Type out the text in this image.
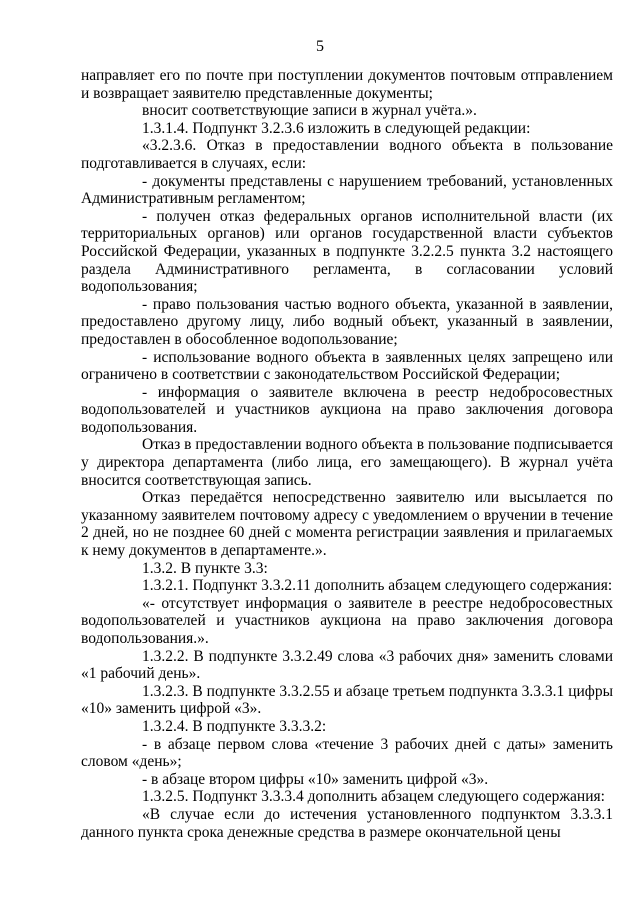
5

направляет его по почте при поступлении документов почтовым отправлением и возвращает заявителю представленные документы;

вносит соответствующие записи в журнал учёта.».

1.3.1.4. Подпункт 3.2.3.6 изложить в следующей редакции:

«3.2.3.6. Отказ в предоставлении водного объекта в пользование подготавливается в случаях, если:

- документы представлены с нарушением требований, установленных Административным регламентом;

- получен отказ федеральных органов исполнительной власти (их территориальных органов) или органов государственной власти субъектов Российской Федерации, указанных в подпункте 3.2.2.5 пункта 3.2 настоящего раздела Административного регламента, в согласовании условий водопользования;

- право пользования частью водного объекта, указанной в заявлении, предоставлено другому лицу, либо водный объект, указанный в заявлении, предоставлен в обособленное водопользование;

- использование водного объекта в заявленных целях запрещено или ограничено в соответствии с законодательством Российской Федерации;

- информация о заявителе включена в реестр недобросовестных водопользователей и участников аукциона на право заключения договора водопользования.

Отказ в предоставлении водного объекта в пользование подписывается у директора департамента (либо лица, его замещающего). В журнал учёта вносится соответствующая запись.

Отказ передаётся непосредственно заявителю или высылается по указанному заявителем почтовому адресу с уведомлением о вручении в течение 2 дней, но не позднее 60 дней с момента регистрации заявления и прилагаемых к нему документов в департаменте.».

1.3.2. В пункте 3.3:

1.3.2.1. Подпункт 3.3.2.11 дополнить абзацем следующего содержания:

«- отсутствует информация о заявителе в реестре недобросовестных водопользователей и участников аукциона на право заключения договора водопользования.».

1.3.2.2. В подпункте 3.3.2.49 слова «3 рабочих дня» заменить словами «1 рабочий день».

1.3.2.3. В подпункте 3.3.2.55 и абзаце третьем подпункта 3.3.3.1 цифры «10» заменить цифрой «3».

1.3.2.4. В подпункте 3.3.3.2:

- в абзаце первом слова «течение 3 рабочих дней с даты» заменить словом «день»;

- в абзаце втором цифры «10» заменить цифрой «3».

1.3.2.5. Подпункт 3.3.3.4 дополнить абзацем следующего содержания:

«В случае если до истечения установленного подпунктом 3.3.3.1 данного пункта срока денежные средства в размере окончательной цены
